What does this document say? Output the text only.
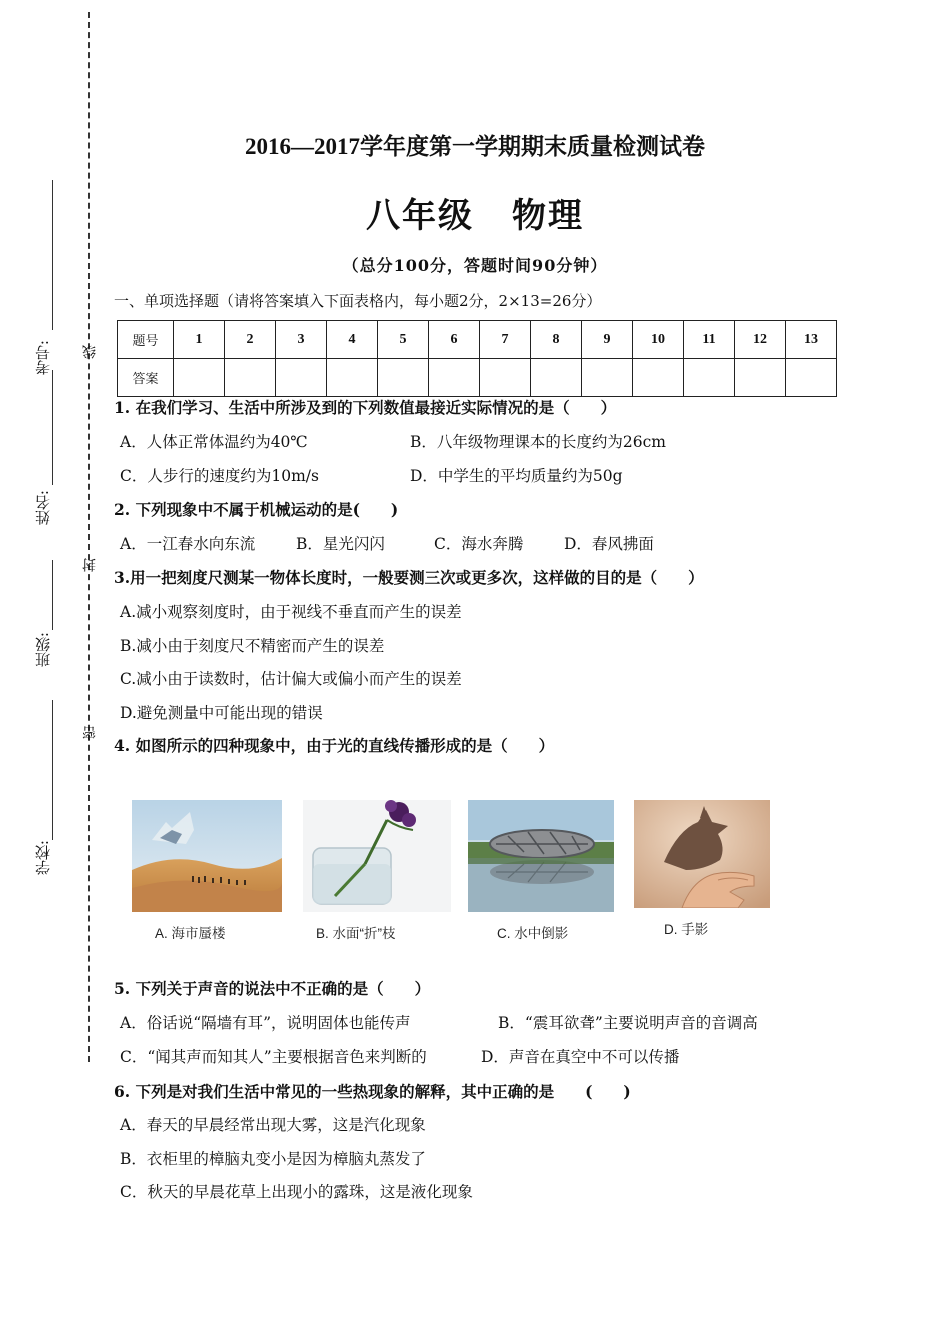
考号:
姓名:
班级:
学校:
线
封
密
2016—2017学年度第一学期期末质量检测试卷
八年级 物理
（总分100分，答题时间90分钟）
一、单项选择题（请将答案填入下面表格内，每小题2分，2×13=26分）
题号	1	2	3	4	5	6	7	8	9	10	11	12	13
答案													
1. 在我们学习、生活中所涉及到的下列数值最接近实际情况的是（　　）
A．人体正常体温约为40℃	B．八年级物理课本的长度约为26cm
C．人步行的速度约为10m/s	D．中学生的平均质量约为50g
2. 下列现象中不属于机械运动的是(　　)
A．一江春水向东流	B．星光闪闪	C．海水奔腾	D．春风拂面
3.用一把刻度尺测某一物体长度时，一般要测三次或更多次，这样做的目的是（　　）
A.减小观察刻度时，由于视线不垂直而产生的误差
B.减小由于刻度尺不精密而产生的误差
C.减小由于读数时，估计偏大或偏小而产生的误差
D.避免测量中可能出现的错误
4. 如图所示的四种现象中，由于光的直线传播形成的是（　　）
A. 海市蜃楼	B. 水面“折”枝	C. 水中倒影	D. 手影
5. 下列关于声音的说法中不正确的是（　　）
A．俗话说“隔墙有耳”，说明固体也能传声	B．“震耳欲聋”主要说明声音的音调高
C．“闻其声而知其人”主要根据音色来判断的	D．声音在真空中不可以传播
6. 下列是对我们生活中常见的一些热现象的解释，其中正确的是　　(　　)
A．春天的早晨经常出现大雾，这是汽化现象
B．衣柜里的樟脑丸变小是因为樟脑丸蒸发了
C．秋天的早晨花草上出现小的露珠，这是液化现象
